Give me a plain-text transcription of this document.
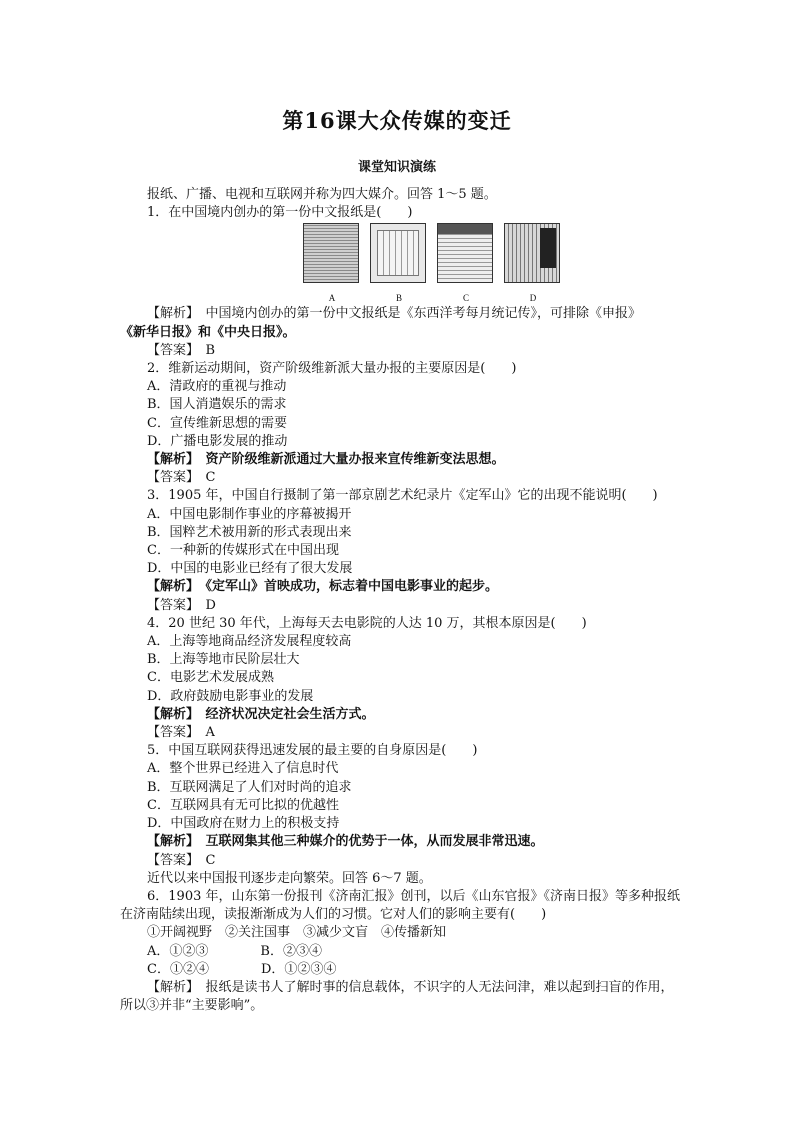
第16课大众传媒的变迁
课堂知识演练
报纸、广播、电视和互联网并称为四大媒介。回答 1～5 题。
1．在中国境内创办的第一份中文报纸是(　　)
A	B	C	D
【解析】　中国境内创办的第一份中文报纸是《东西洋考每月统记传》，可排除《申报》
《新华日报》和《中央日报》。
【答案】　B
2．维新运动期间，资产阶级维新派大量办报的主要原因是(　　)
A．清政府的重视与推动
B．国人消遣娱乐的需求
C．宣传维新思想的需要
D．广播电影发展的推动
【解析】　资产阶级维新派通过大量办报来宣传维新变法思想。
【答案】　C
3．1905 年，中国自行摄制了第一部京剧艺术纪录片《定军山》它的出现不能说明(　　)
A．中国电影制作事业的序幕被揭开
B．国粹艺术被用新的形式表现出来
C．一种新的传媒形式在中国出现
D．中国的电影业已经有了很大发展
【解析】　《定军山》首映成功，标志着中国电影事业的起步。
【答案】　D
4．20 世纪 30 年代，上海每天去电影院的人达 10 万，其根本原因是(　　)
A．上海等地商品经济发展程度较高
B．上海等地市民阶层壮大
C．电影艺术发展成熟
D．政府鼓励电影事业的发展
【解析】　经济状况决定社会生活方式。
【答案】　A
5．中国互联网获得迅速发展的最主要的自身原因是(　　)
A．整个世界已经进入了信息时代
B．互联网满足了人们对时尚的追求
C．互联网具有无可比拟的优越性
D．中国政府在财力上的积极支持
【解析】　互联网集其他三种媒介的优势于一体，从而发展非常迅速。
【答案】　C
近代以来中国报刊逐步走向繁荣。回答 6～7 题。
6．1903 年，山东第一份报刊《济南汇报》创刊，以后《山东官报》《济南日报》等多种报纸在济南陆续出现，读报渐渐成为人们的习惯。它对人们的影响主要有(　　)
①开阔视野　②关注国事　③减少文盲　④传播新知
A．①②③　　　　B．②③④
C．①②④　　　　D．①②③④
【解析】　报纸是读书人了解时事的信息载体，不识字的人无法问津，难以起到扫盲的作用，所以③并非“主要影响”。
